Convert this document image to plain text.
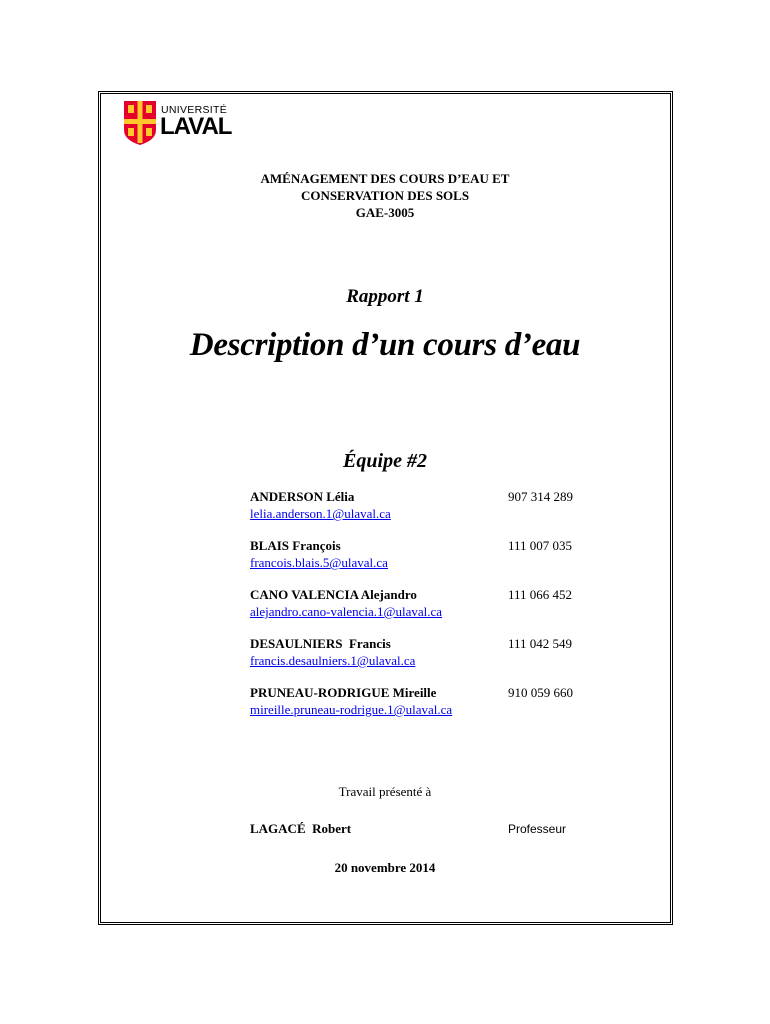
UNIVERSITÉ
LAVAL
AMÉNAGEMENT DES COURS D’EAU ET
CONSERVATION DES SOLS
GAE-3005
Rapport 1
Description d’un cours d’eau
Équipe #2
ANDERSON Lélia	907 314 289
lelia.anderson.1@ulaval.ca
BLAIS François	111 007 035
francois.blais.5@ulaval.ca
CANO VALENCIA Alejandro	111 066 452
alejandro.cano-valencia.1@ulaval.ca
DESAULNIERS  Francis	111 042 549
francis.desaulniers.1@ulaval.ca
PRUNEAU-RODRIGUE Mireille	910 059 660
mireille.pruneau-rodrigue.1@ulaval.ca
Travail présenté à
LAGACÉ  Robert	Professeur
20 novembre 2014
